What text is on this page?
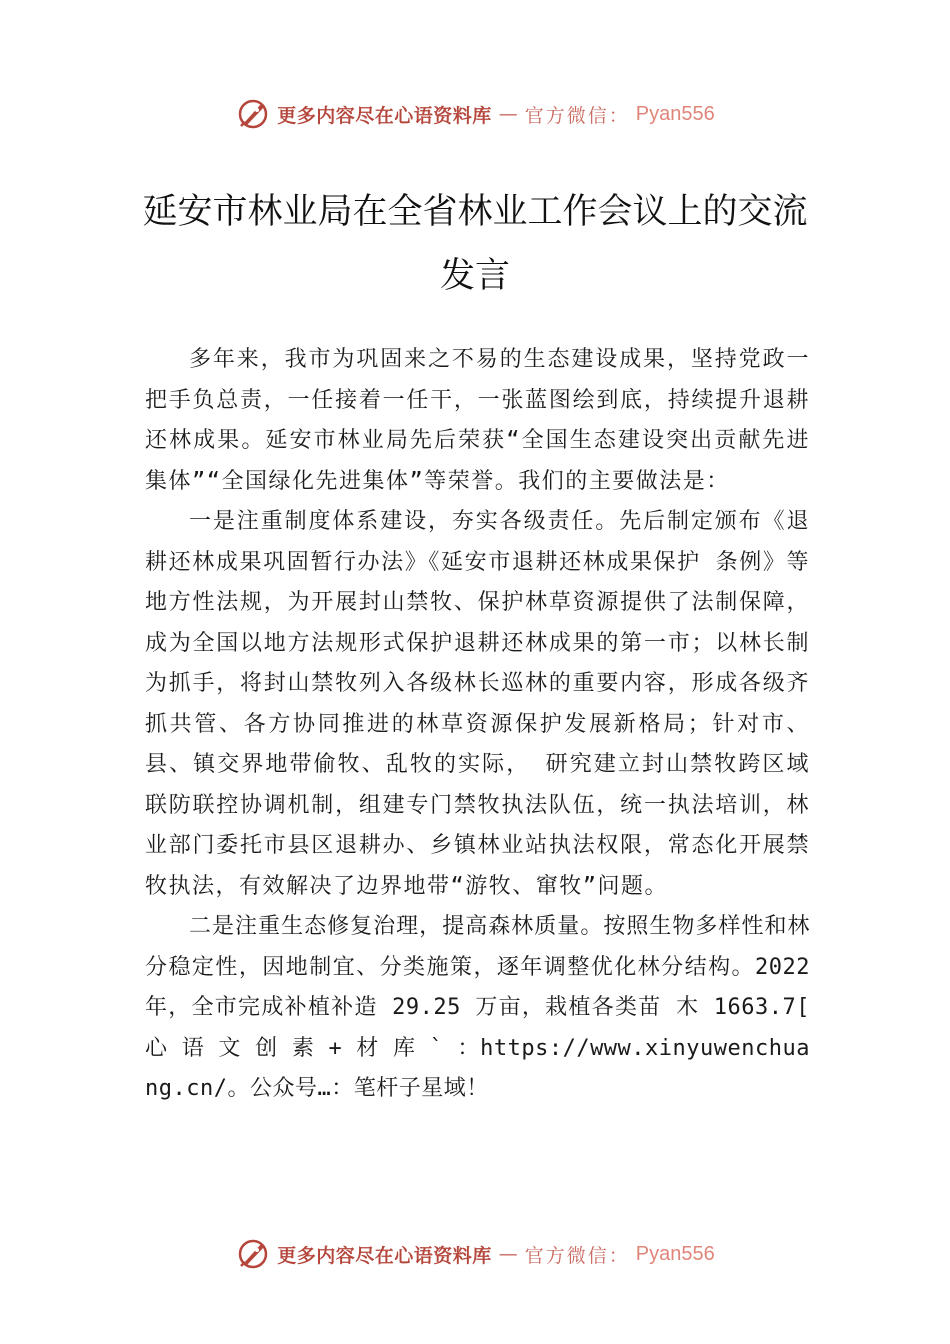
更多内容尽在心语资料库 — 官方微信： Pyan556
延安市林业局在全省林业工作会议上的交流发言

多年来，我市为巩固来之不易的生态建设成果，坚持党政一把手负总责，一任接着一任干，一张蓝图绘到底，持续提升退耕还林成果。延安市林业局先后荣获“全国生态建设突出贡献先进集体”“全国绿化先进集体”等荣誉。我们的主要做法是：

一是注重制度体系建设，夯实各级责任。先后制定颁布《退耕还林成果巩固暂行办法》《延安市退耕还林成果保护 条例》等地方性法规，为开展封山禁牧、保护林草资源提供了法制保障，成为全国以地方法规形式保护退耕还林成果的第一市；以林长制为抓手，将封山禁牧列入各级林长巡林的重要内容，形成各级齐抓共管、各方协同推进的林草资源保护发展新格局；针对市、县、镇交界地带偷牧、乱牧的实际， 研究建立封山禁牧跨区域联防联控协调机制，组建专门禁牧执法队伍，统一执法培训，林业部门委托市县区退耕办、乡镇林业站执法权限，常态化开展禁牧执法，有效解决了边界地带“游牧、窜牧”问题。

二是注重生态修复治理，提高森林质量。按照生物多样性和林分稳定性，因地制宜、分类施策，逐年调整优化林分结构。2022 年，全市完成补植补造 29.25 万亩，栽植各类苗 木 1663.7[ 心 语 文 创 素 + 材 库 ` ：https://www.xinyuwenchuang.cn/。公众号…：笔杆子星域！

更多内容尽在心语资料库 — 官方微信： Pyan556
